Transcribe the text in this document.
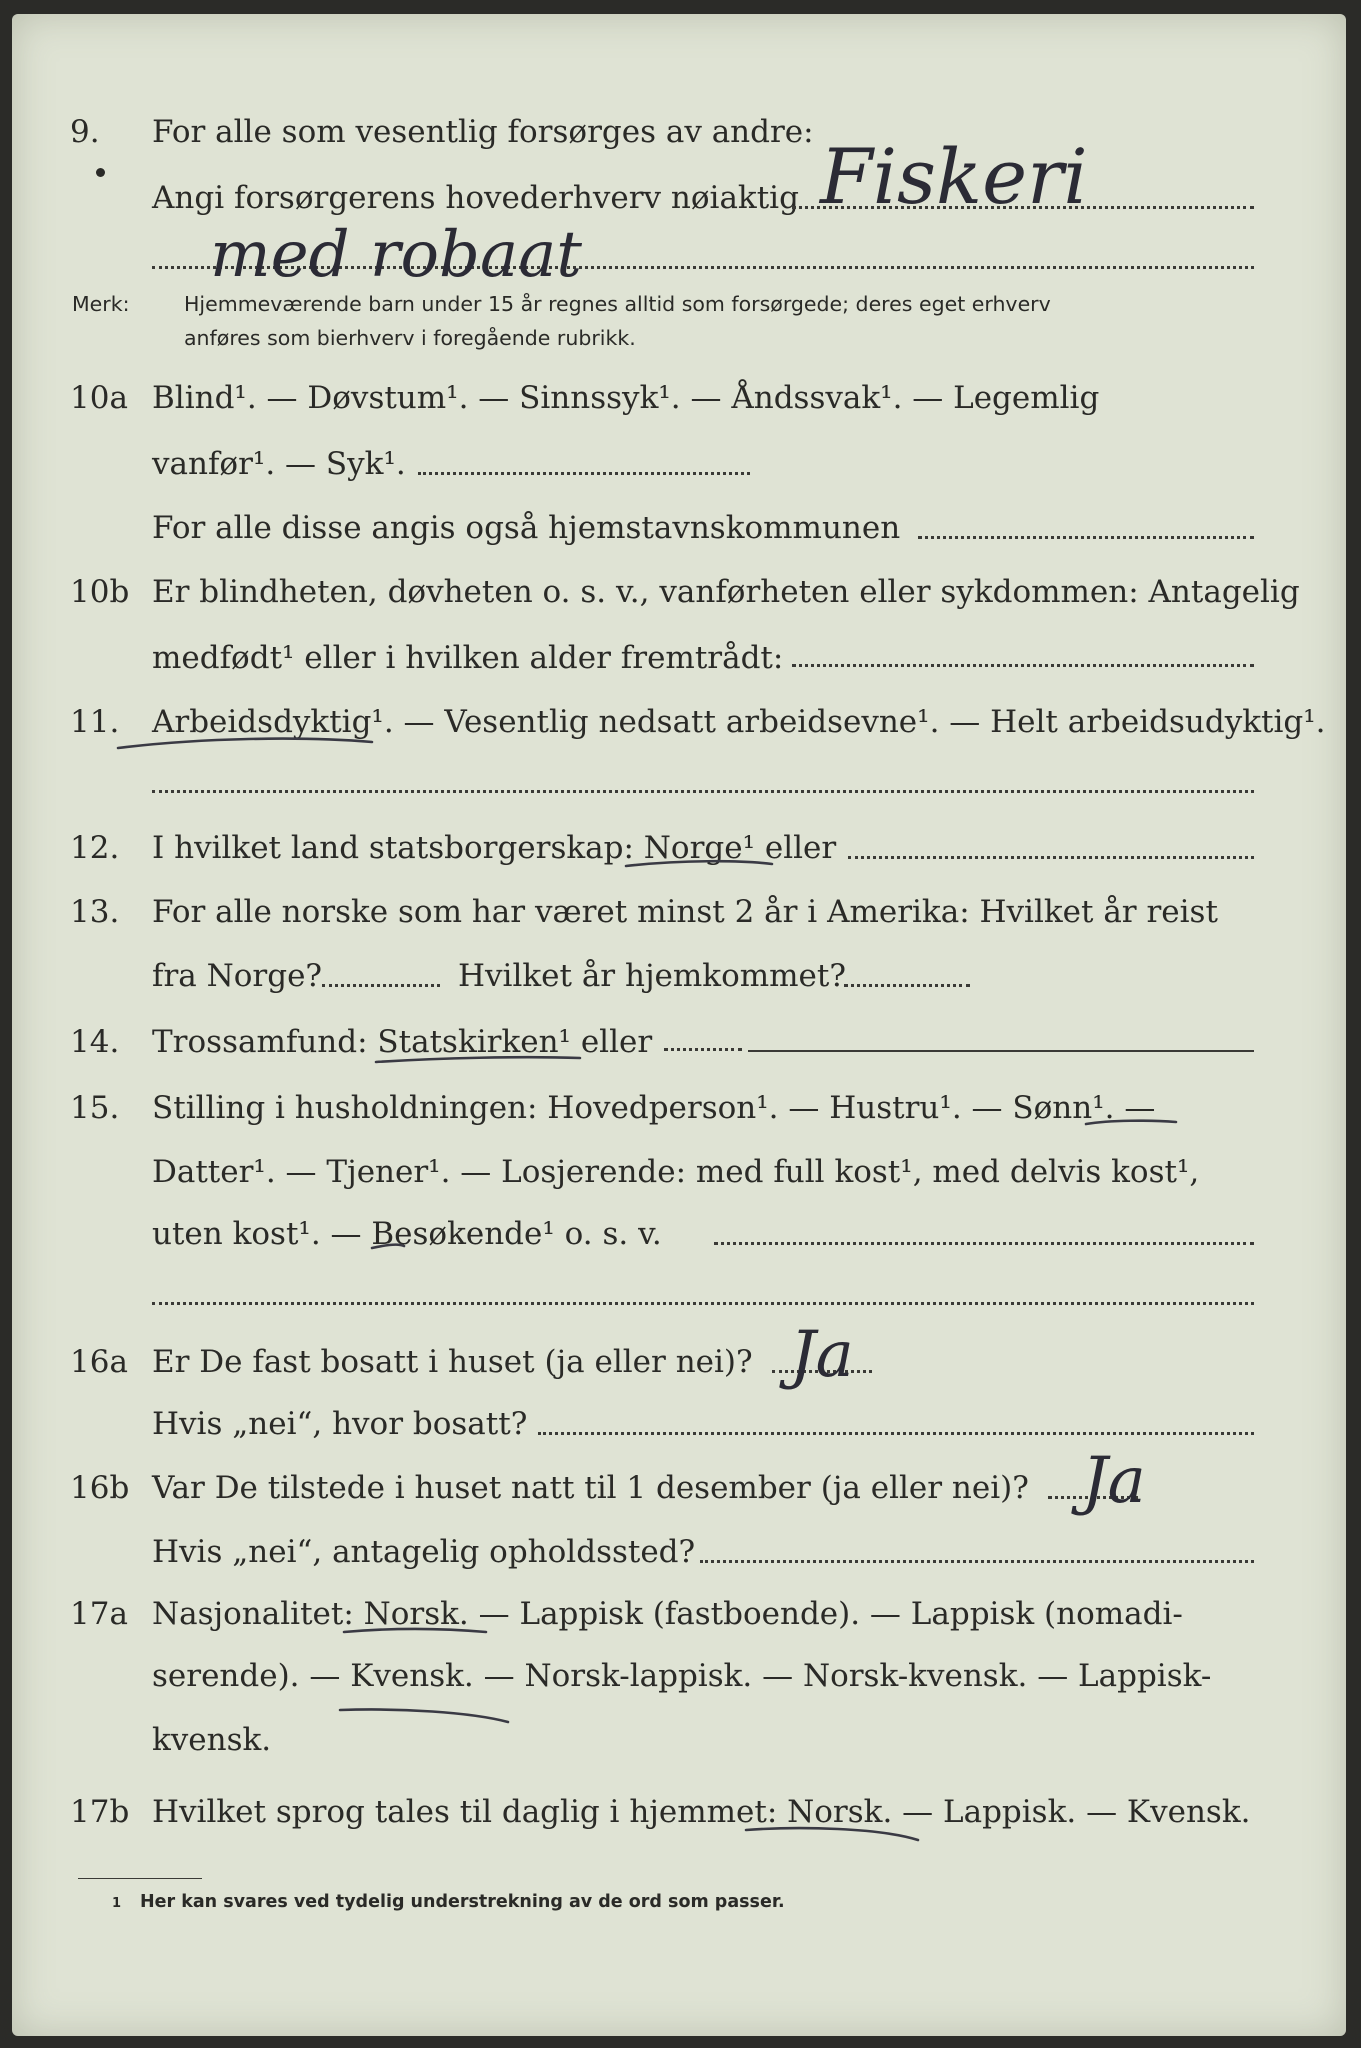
9. For alle som vesentlig forsørges av andre:
Angi forsørgerens hovederhverv nøiaktig Fiskeri
med robaat
Merk:	Hjemmeværende barn under 15 år regnes alltid som forsørgede; deres eget erhverv
anføres som bierhverv i foregående rubrikk.
10a Blind¹. — Døvstum¹. — Sinnssyk¹. — Åndssvak¹. — Legemlig
vanfør¹. — Syk¹.
For alle disse angis også hjemstavnskommunen
10b Er blindheten, døvheten o. s. v., vanførheten eller sykdommen: Antagelig
medfødt¹ eller i hvilken alder fremtrådt:
11. Arbeidsdyktig¹. — Vesentlig nedsatt arbeidsevne¹. — Helt arbeidsudyktig¹.
12. I hvilket land statsborgerskap: Norge¹ eller
13. For alle norske som har været minst 2 år i Amerika: Hvilket år reist
fra Norge?	Hvilket år hjemkommet?
14. Trossamfund: Statskirken¹ eller
15. Stilling i husholdningen: Hovedperson¹. — Hustru¹. — Sønn¹. —
Datter¹. — Tjener¹. — Losjerende: med full kost¹, med delvis kost¹,
uten kost¹. — Besøkende¹ o. s. v.
16a Er De fast bosatt i huset (ja eller nei)? Ja
Hvis „nei“, hvor bosatt?
16b Var De tilstede i huset natt til 1 desember (ja eller nei)? Ja
Hvis „nei“, antagelig opholdssted?
17a Nasjonalitet: Norsk. — Lappisk (fastboende). — Lappisk (nomadi-
serende). — Kvensk. — Norsk-lappisk. — Norsk-kvensk. — Lappisk-
kvensk.
17b Hvilket sprog tales til daglig i hjemmet: Norsk. — Lappisk. — Kvensk.
1 Her kan svares ved tydelig understrekning av de ord som passer.
